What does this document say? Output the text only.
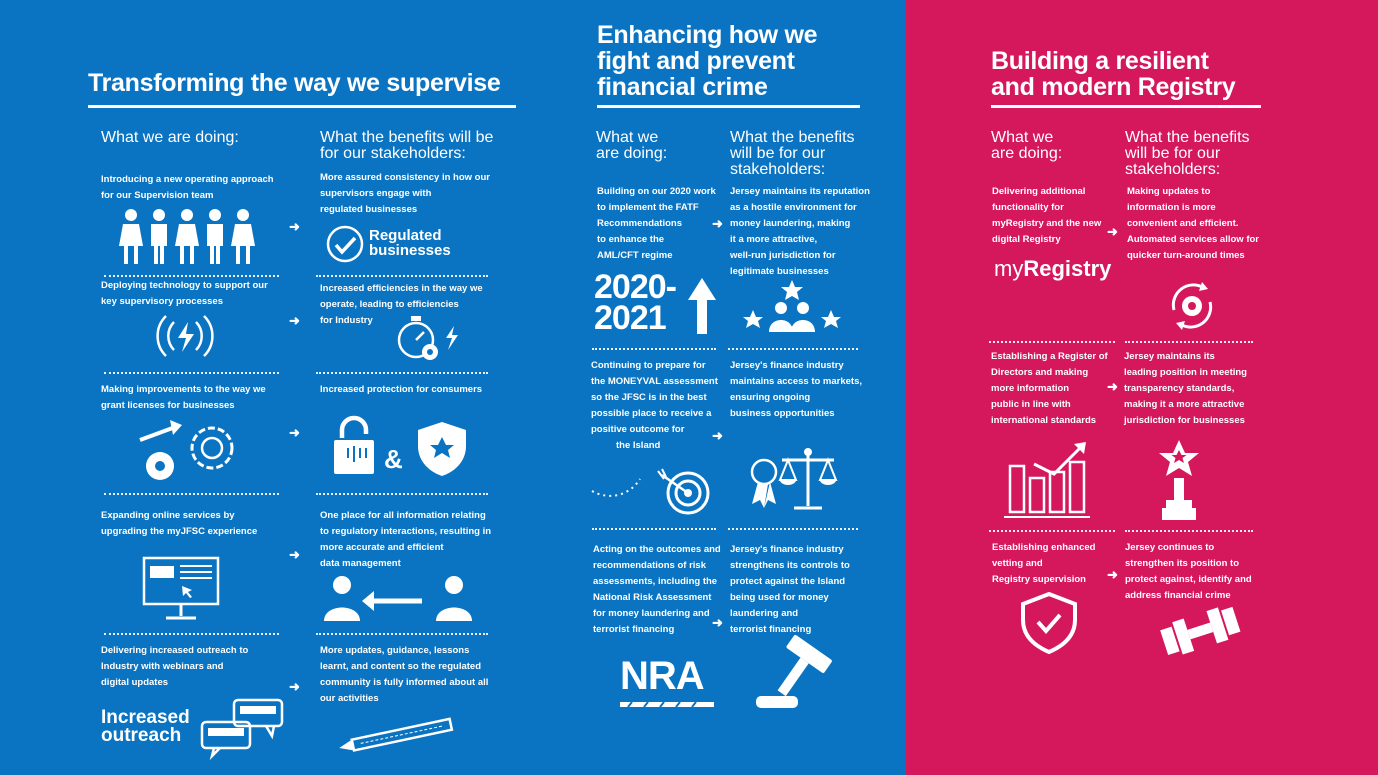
Transforming the way we supervise
What we are doing:	What the benefits will be
for our stakeholders:
Introducing a new operating approach
for our Supervision team
More assured consistency in how our
supervisors engage with
regulated businesses
➜
Regulated
businesses
Deploying technology to support our
key supervisory processes
Increased efficiencies in the way we
operate, leading to efficiencies
for Industry
➜
Making improvements to the way we
grant licenses for businesses
Increased protection for consumers
➜
&
Expanding online services by
upgrading the myJFSC experience
One place for all information relating
to regulatory interactions, resulting in
more accurate and efficient
data management
➜
Delivering increased outreach to
Industry with webinars and
digital updates
More updates, guidance, lessons
learnt, and content so the regulated
community is fully informed about all
our activities
➜
Increased
outreach
Enhancing how we
fight and prevent
financial crime
What we
are doing:
What the benefits
will be for our
stakeholders:
Building on our 2020 work
to implement the FATF
Recommendations
to enhance the
AML/CFT regime
Jersey maintains its reputation
as a hostile environment for
money laundering, making
it a more attractive,
well-run jurisdiction for
legitimate businesses
➜
2020-
2021
Continuing to prepare for
the MONEYVAL assessment
so the JFSC is in the best
possible place to receive a
positive outcome for
the Island
Jersey's finance industry
maintains access to markets,
ensuring ongoing
business opportunities
➜
Acting on the outcomes and
recommendations of risk
assessments, including the
National Risk Assessment
for money laundering and
terrorist financing
Jersey's finance industry
strengthens its controls to
protect against the Island
being used for money
laundering and
terrorist financing
➜
NRA
Building a resilient
and modern Registry
What we
are doing:
What the benefits
will be for our
stakeholders:
Delivering additional
functionality for
myRegistry and the new
digital Registry
Making updates to
information is more
convenient and efficient.
Automated services allow for
quicker turn-around times
➜
myRegistry
Establishing a Register of
Directors and making
more information
public in line with
international standards
Jersey maintains its
leading position in meeting
transparency standards,
making it a more attractive
jurisdiction for businesses
➜
Establishing enhanced
vetting and
Registry supervision
Jersey continues to
strengthen its position to
protect against, identify and
address financial crime
➜
